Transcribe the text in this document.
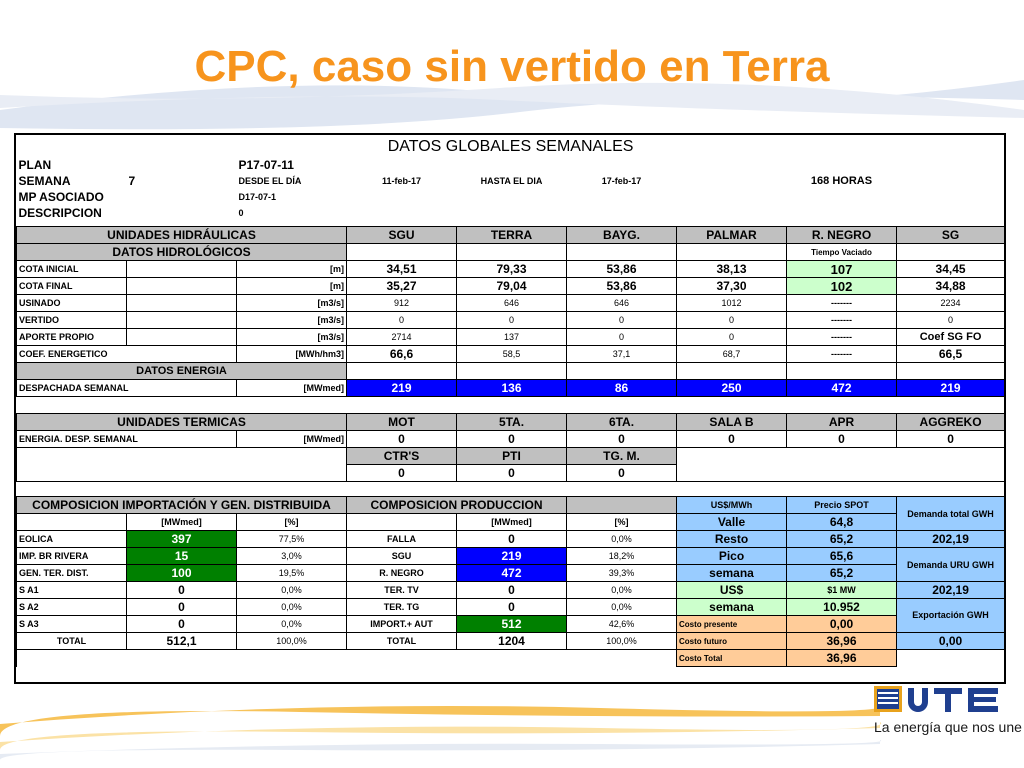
CPC, caso sin vertido en Terra
DATOS GLOBALES SEMANALES								
PLAN		P17-07-11						
SEMANA	7	DESDE EL DÍA	11-feb-17	HASTA EL DIA	17-feb-17		168 HORAS	
MP ASOCIADO		D17-07-1						
DESCRIPCION		0						

UNIDADES HIDRÁULICAS			SGU	TERRA	BAYG.	PALMAR	R. NEGRO	SG
DATOS HIDROLÓGICOS							Tiempo Vaciado	
COTA INICIAL		[m]	34,51	79,33	53,86	38,13	107	34,45
COTA FINAL		[m]	35,27	79,04	53,86	37,30	102	34,88
USINADO		[m3/s]	912	646	646	1012	-------	2234
VERTIDO		[m3/s]	0	0	0	0	-------	0
APORTE PROPIO		[m3/s]	2714	137	0	0	-------	Coef SG FO
COEF. ENERGETICO		[MWh/hm3]	66,6	58,5	37,1	68,7	-------	66,5
DATOS ENERGIA								
DESPACHADA SEMANAL		[MWmed]	219	136	86	250	472	219

UNIDADES TERMICAS			MOT	5TA.	6TA.	SALA B	APR	AGGREKO
ENERGIA. DESP. SEMANAL		[MWmed]	0	0	0	0	0	0
			CTR'S	PTI	TG. M.			
			0	0	0			

COMPOSICION IMPORTACIÓN Y GEN. DISTRIBUIDA			COMPOSICION PRODUCCION			US$/MWh	Precio SPOT	Demanda total GWH
	[MWmed]	[%]		[MWmed]	[%]	Valle	64,8	
EOLICA	397	77,5%	FALLA	0	0,0%	Resto	65,2	202,19
IMP. BR RIVERA	15	3,0%	SGU	219	18,2%	Pico	65,6	Demanda URU GWH
GEN. TER. DIST.	100	19,5%	R. NEGRO	472	39,3%	semana	65,2	
S A1	0	0,0%	TER. TV	0	0,0%	US$	$1 MW	202,19
S A2	0	0,0%	TER. TG	0	0,0%	semana	10.952	Exportación GWH
S A3	0	0,0%	IMPORT.+ AUT	512	42,6%	Costo presente	0,00	
TOTAL	512,1	100,0%	TOTAL	1204	100,0%	Costo futuro	36,96	0,00
						Costo Total	36,96	
La energía que nos une
